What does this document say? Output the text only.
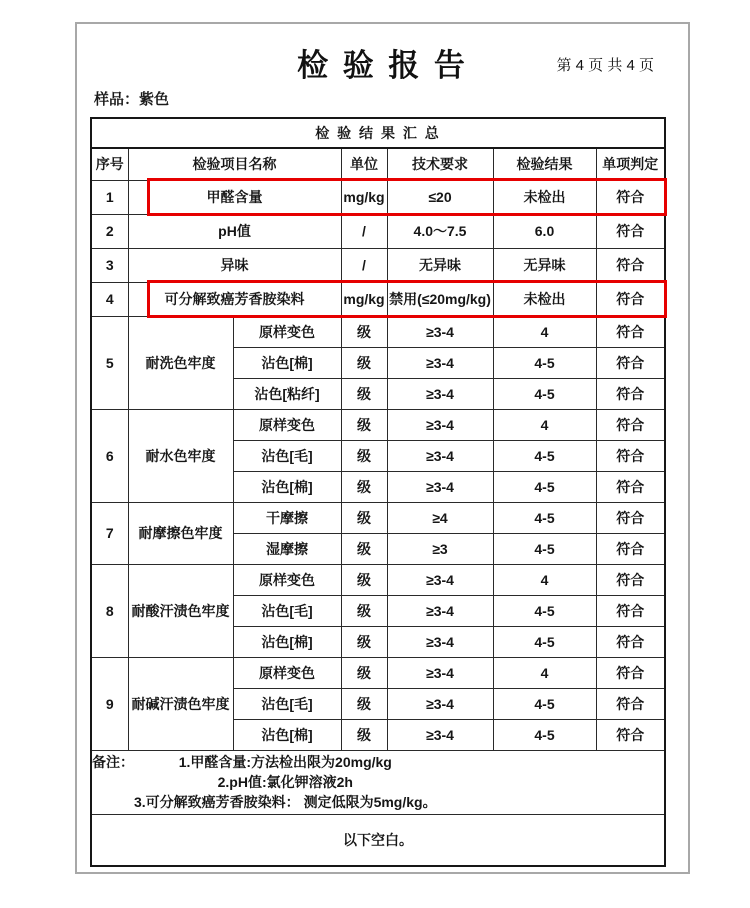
检 验 报 告	第 4 页 共 4 页
样品：紫色
检 验 结 果 汇 总						
序号	检验项目名称		单位	技术要求	检验结果	单项判定
1	甲醛含量		mg/kg	≤20	未检出	符合
2	pH值		/	4.0～7.5	6.0	符合
3	异味		/	无异味	无异味	符合
4	可分解致癌芳香胺染料		mg/kg	禁用(≤20mg/kg)	未检出	符合
5	耐洗色牢度	原样变色	级	≥3-4	4	符合
		沾色[棉]	级	≥3-4	4-5	符合
		沾色[粘纤]	级	≥3-4	4-5	符合
6	耐水色牢度	原样变色	级	≥3-4	4	符合
		沾色[毛]	级	≥3-4	4-5	符合
		沾色[棉]	级	≥3-4	4-5	符合
7	耐摩擦色牢度	干摩擦	级	≥4	4-5	符合
		湿摩擦	级	≥3	4-5	符合
8	耐酸汗渍色牢度	原样变色	级	≥3-4	4	符合
		沾色[毛]	级	≥3-4	4-5	符合
		沾色[棉]	级	≥3-4	4-5	符合
9	耐碱汗渍色牢度	原样变色	级	≥3-4	4	符合
		沾色[毛]	级	≥3-4	4-5	符合
		沾色[棉]	级	≥3-4	4-5	符合

备注： 1.甲醛含量:方法检出限为20mg/kg
2.pH值:氯化钾溶液2h
3.可分解致癌芳香胺染料： 测定低限为5mg/kg。						

以下空白。						
